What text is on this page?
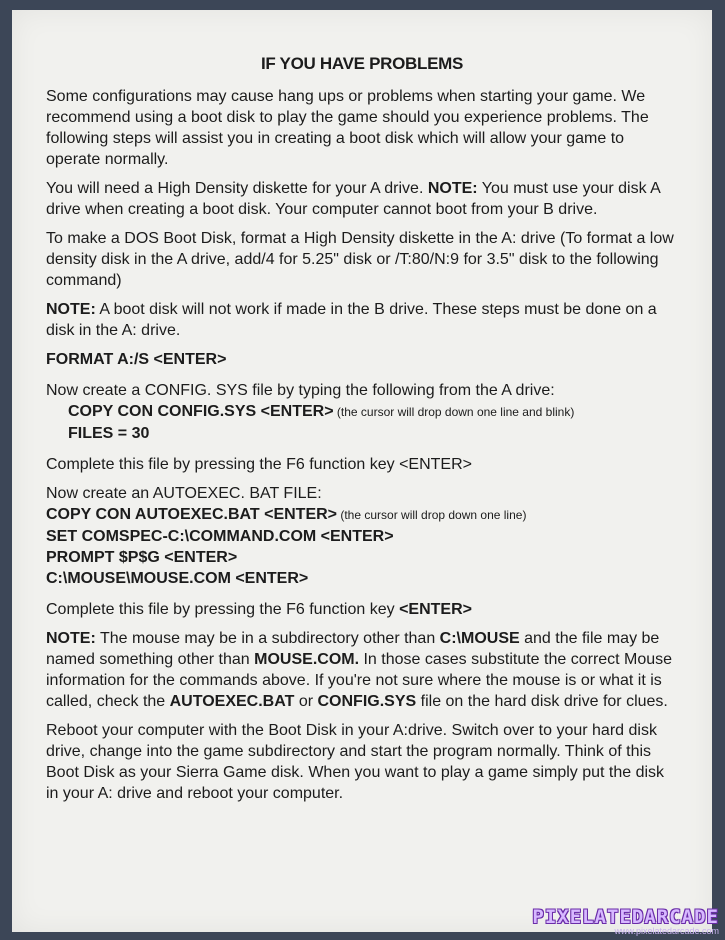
IF YOU HAVE PROBLEMS

Some configurations may cause hang ups or problems when starting your game. We recommend using a boot disk to play the game should you experience problems. The following steps will assist you in creating a boot disk which will allow your game to operate normally.

You will need a High Density diskette for your A drive. NOTE: You must use your disk A drive when creating a boot disk. Your computer cannot boot from your B drive.

To make a DOS Boot Disk, format a High Density diskette in the A: drive (To format a low density disk in the A drive, add/4 for 5.25" disk or /T:80/N:9 for 3.5" disk to the following command)

NOTE: A boot disk will not work if made in the B drive. These steps must be done on a disk in the A: drive.

FORMAT A:/S <ENTER>
Now create a CONFIG. SYS file by typing the following from the A drive:
COPY CON CONFIG.SYS <ENTER> (the cursor will drop down one line and blink)
FILES = 30

Complete this file by pressing the F6 function key <ENTER>

Now create an AUTOEXEC. BAT FILE:
COPY CON AUTOEXEC.BAT <ENTER> (the cursor will drop down one line)
SET COMSPEC-C:\COMMAND.COM <ENTER>
PROMPT $P$G <ENTER>
C:\MOUSE\MOUSE.COM <ENTER>

Complete this file by pressing the F6 function key <ENTER>

NOTE: The mouse may be in a subdirectory other than C:\MOUSE and the file may be named something other than MOUSE.COM. In those cases substitute the correct Mouse information for the commands above. If you're not sure where the mouse is or what it is called, check the AUTOEXEC.BAT or CONFIG.SYS file on the hard disk drive for clues.

Reboot your computer with the Boot Disk in your A:drive. Switch over to your hard disk drive, change into the game subdirectory and start the program normally. Think of this Boot Disk as your Sierra Game disk. When you want to play a game simply put the disk in your A: drive and reboot your computer.

PIXELATEDARCADE
www.pixelatedarcade.com
